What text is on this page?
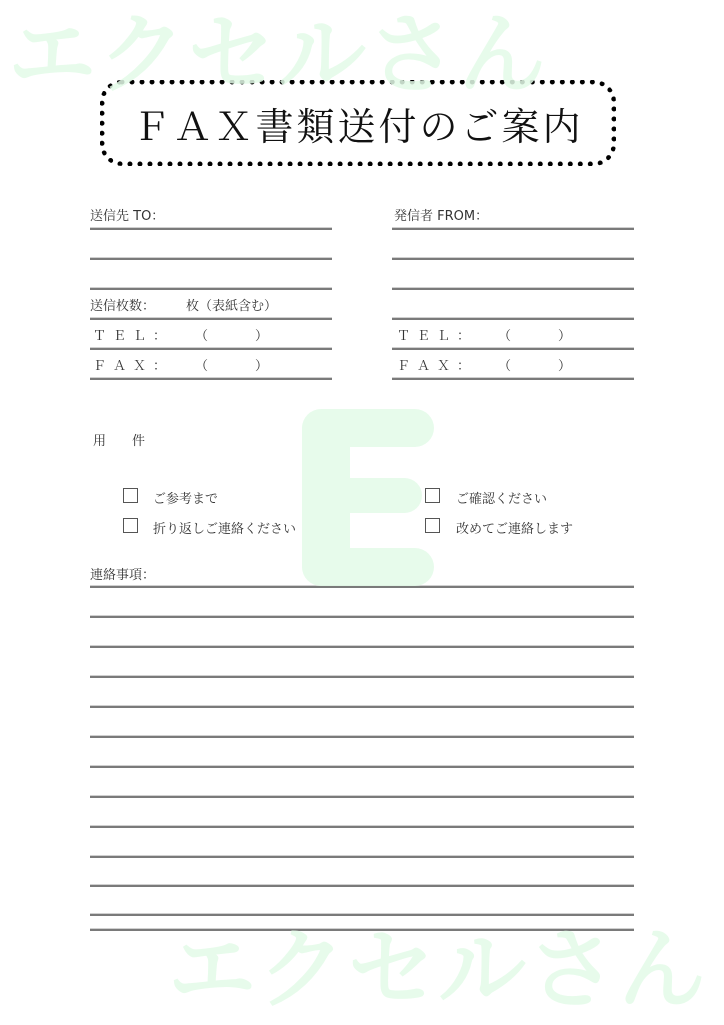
エクセルさん
エクセルさん
ＦＡＸ書類送付のご案内
送信先 TO：
送信枚数： 枚（表紙含む）
ＴＥＬ： （　　）
ＦＡＸ： （　　）
発信者 FROM：
ＴＥＬ： （　　）
ＦＡＸ： （　　）
用　　件
ご参考まで	ご確認ください
折り返しご連絡ください	改めてご連絡します
連絡事項：
